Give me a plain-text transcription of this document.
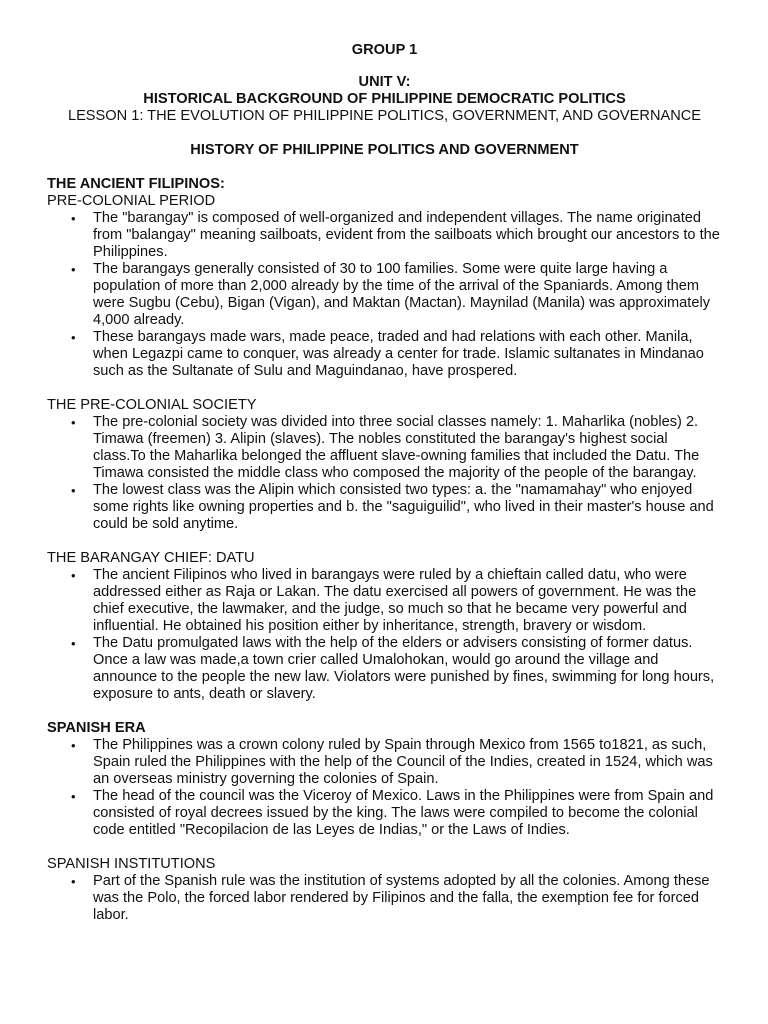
GROUP 1

UNIT V:

HISTORICAL BACKGROUND OF PHILIPPINE DEMOCRATIC POLITICS

LESSON 1: THE EVOLUTION OF PHILIPPINE POLITICS, GOVERNMENT, AND GOVERNANCE

HISTORY OF PHILIPPINE POLITICS AND GOVERNMENT

THE ANCIENT FILIPINOS:

PRE-COLONIAL PERIOD

• The "barangay" is composed of well-organized and independent villages. The name originated from "balangay" meaning sailboats, evident from the sailboats which brought our ancestors to the Philippines.
• The barangays generally consisted of 30 to 100 families. Some were quite large having a population of more than 2,000 already by the time of the arrival of the Spaniards. Among them were Sugbu (Cebu), Bigan (Vigan), and Maktan (Mactan). Maynilad (Manila) was approximately 4,000 already.
• These barangays made wars, made peace, traded and had relations with each other. Manila, when Legazpi came to conquer, was already a center for trade. Islamic sultanates in Mindanao such as the Sultanate of Sulu and Maguindanao, have prospered.

THE PRE-COLONIAL SOCIETY

• The pre-colonial society was divided into three social classes namely: 1. Maharlika (nobles) 2. Timawa (freemen) 3. Alipin (slaves). The nobles constituted the barangay's highest social class.To the Maharlika belonged the affluent slave-owning families that included the Datu. The Timawa consisted the middle class who composed the majority of the people of the barangay.
• The lowest class was the Alipin which consisted two types: a. the "namamahay" who enjoyed some rights like owning properties and b. the "saguiguilid", who lived in their master's house and could be sold anytime.

THE BARANGAY CHIEF: DATU

• The ancient Filipinos who lived in barangays were ruled by a chieftain called datu, who were addressed either as Raja or Lakan. The datu exercised all powers of government. He was the chief executive, the lawmaker, and the judge, so much so that he became very powerful and influential. He obtained his position either by inheritance, strength, bravery or wisdom.
• The Datu promulgated laws with the help of the elders or advisers consisting of former datus. Once a law was made,a town crier called Umalohokan, would go around the village and announce to the people the new law. Violators were punished by fines, swimming for long hours, exposure to ants, death or slavery.

SPANISH ERA

• The Philippines was a crown colony ruled by Spain through Mexico from 1565 to1821, as such, Spain ruled the Philippines with the help of the Council of the Indies, created in 1524, which was an overseas ministry governing the colonies of Spain.
• The head of the council was the Viceroy of Mexico. Laws in the Philippines were from Spain and consisted of royal decrees issued by the king. The laws were compiled to become the colonial code entitled "Recopilacion de las Leyes de Indias," or the Laws of Indies.

SPANISH INSTITUTIONS

• Part of the Spanish rule was the institution of systems adopted by all the colonies. Among these was the Polo, the forced labor rendered by Filipinos and the falla, the exemption fee for forced labor.
